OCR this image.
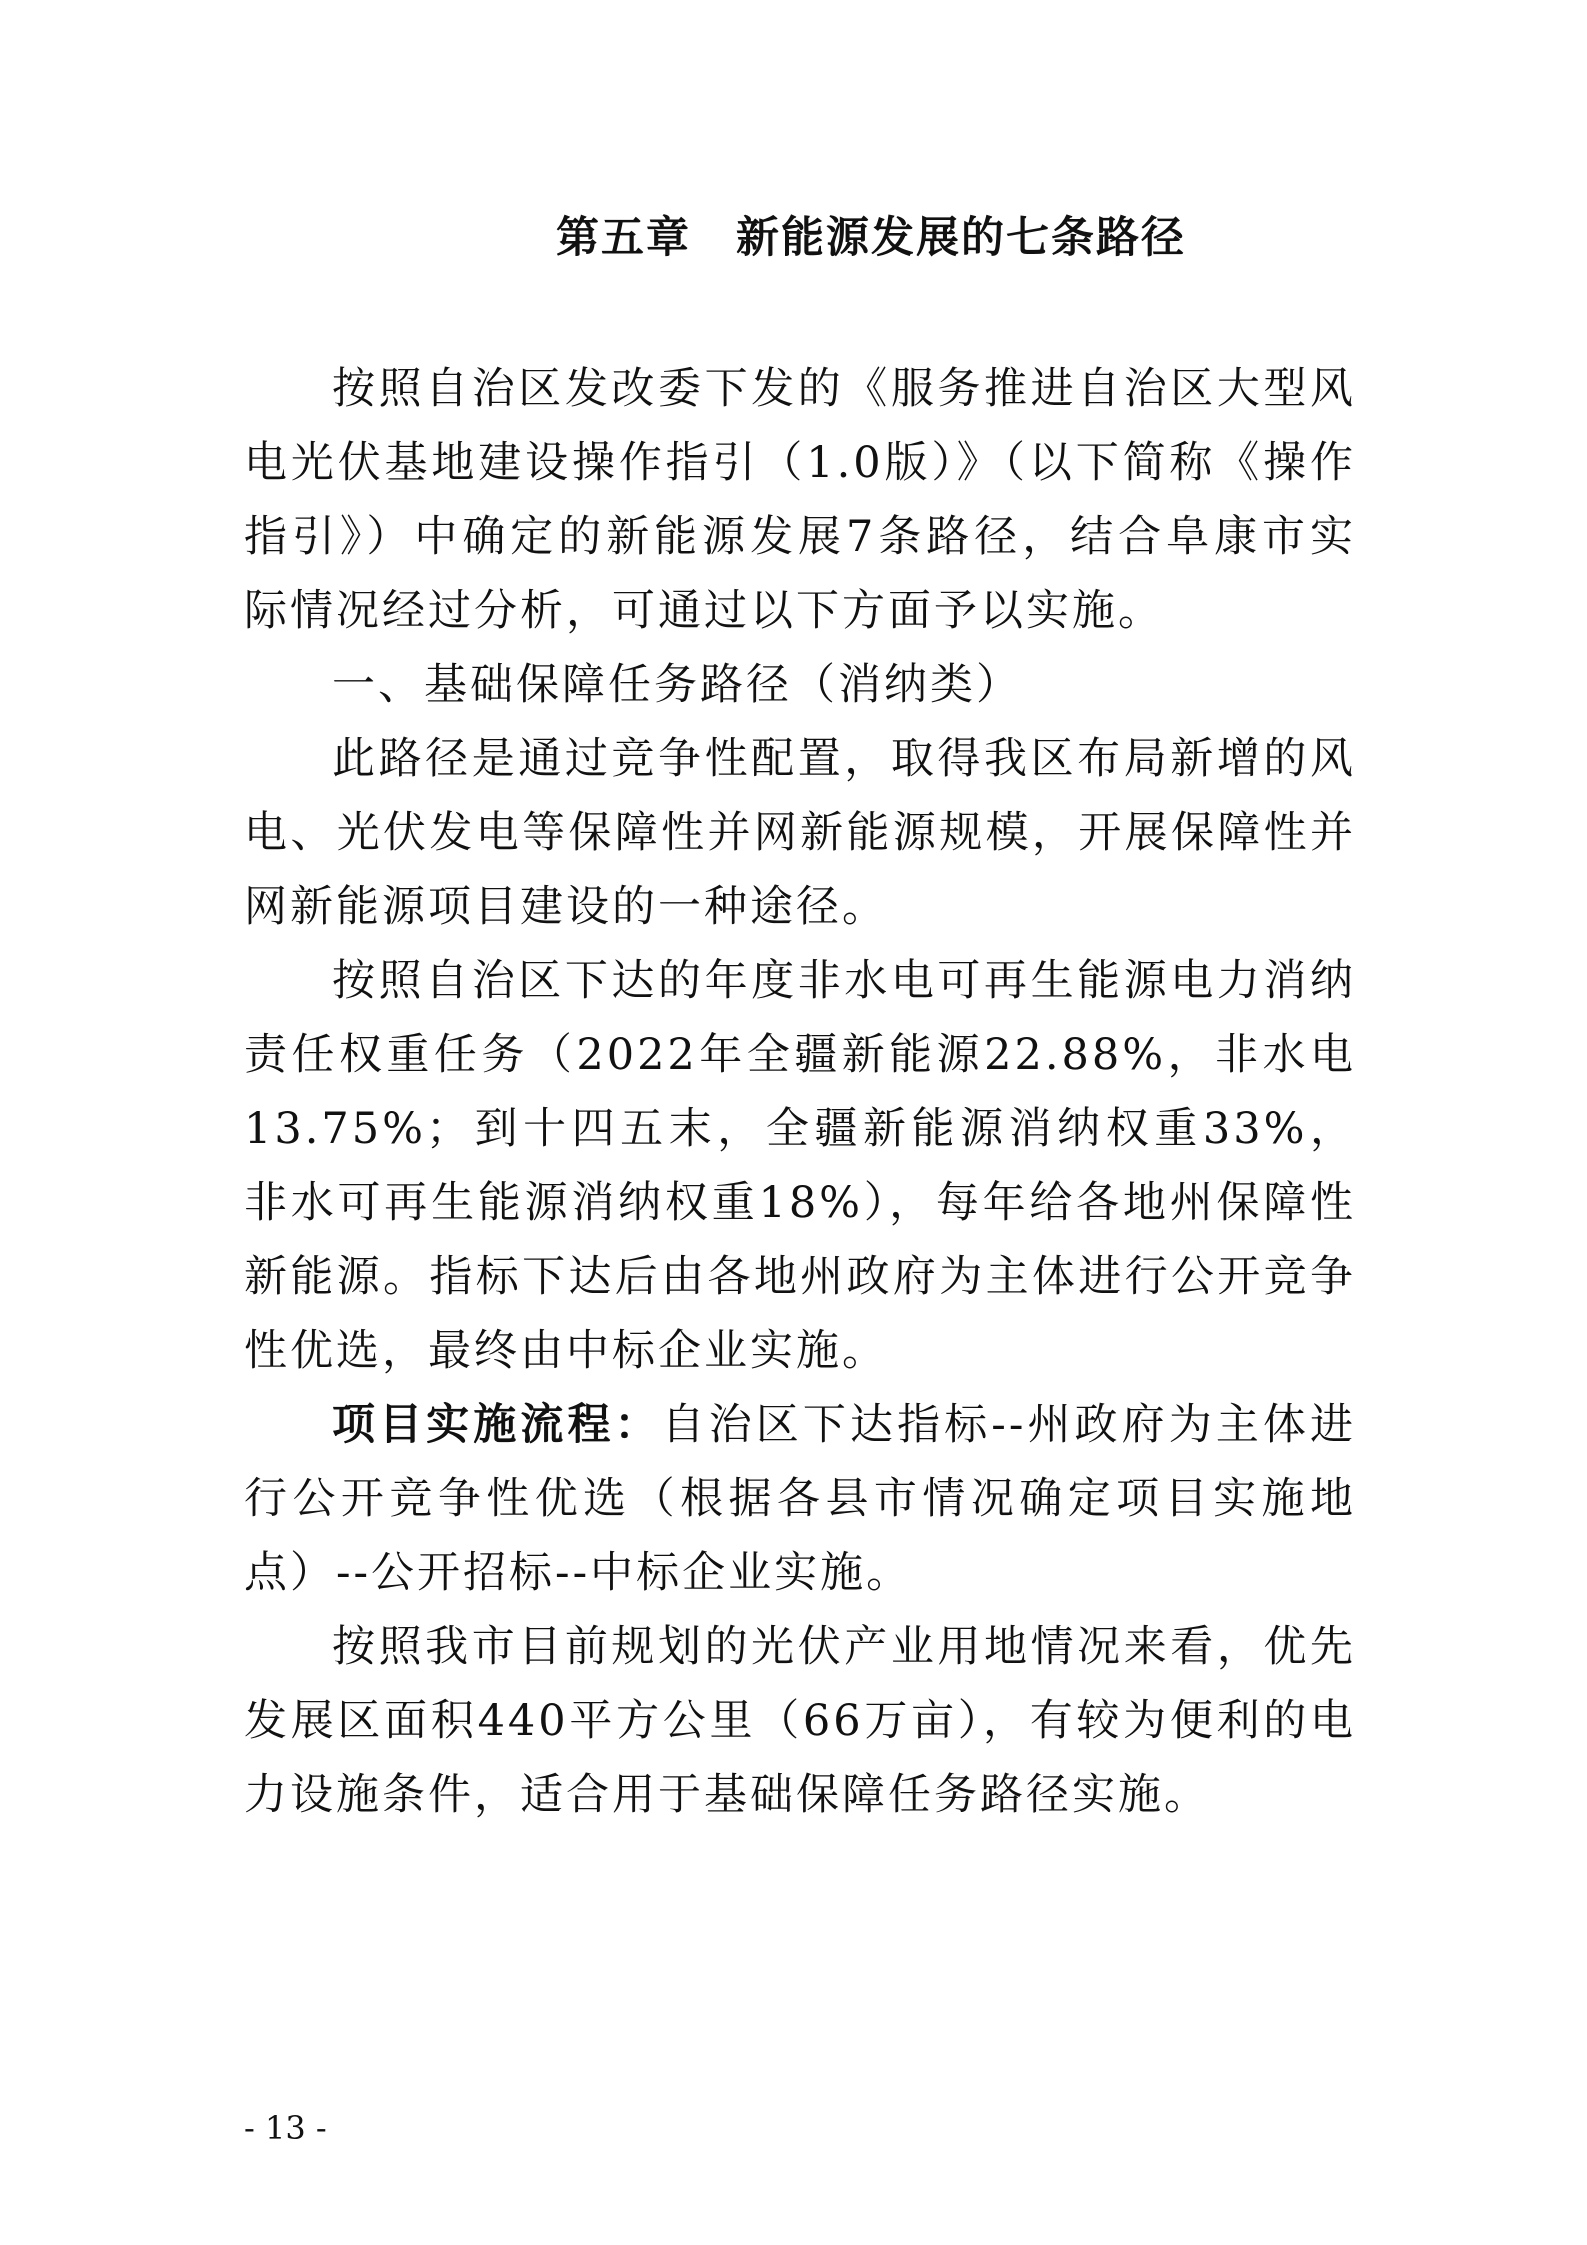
第五章　新能源发展的七条路径

按照自治区发改委下发的《服务推进自治区大型风电光伏基地建设操作指引（1.0版）》（以下简称《操作指引》）中确定的新能源发展7条路径，结合阜康市实际情况经过分析，可通过以下方面予以实施。

一、基础保障任务路径（消纳类）

此路径是通过竞争性配置，取得我区布局新增的风电、光伏发电等保障性并网新能源规模，开展保障性并网新能源项目建设的一种途径。

按照自治区下达的年度非水电可再生能源电力消纳责任权重任务（2022年全疆新能源22.88%，非水电13.75%；到十四五末，全疆新能源消纳权重33%，非水可再生能源消纳权重18%），每年给各地州保障性新能源。指标下达后由各地州政府为主体进行公开竞争性优选，最终由中标企业实施。

项目实施流程：自治区下达指标--州政府为主体进行公开竞争性优选（根据各县市情况确定项目实施地点）--公开招标--中标企业实施。

按照我市目前规划的光伏产业用地情况来看，优先发展区面积440平方公里（66万亩），有较为便利的电力设施条件，适合用于基础保障任务路径实施。

- 13 -
